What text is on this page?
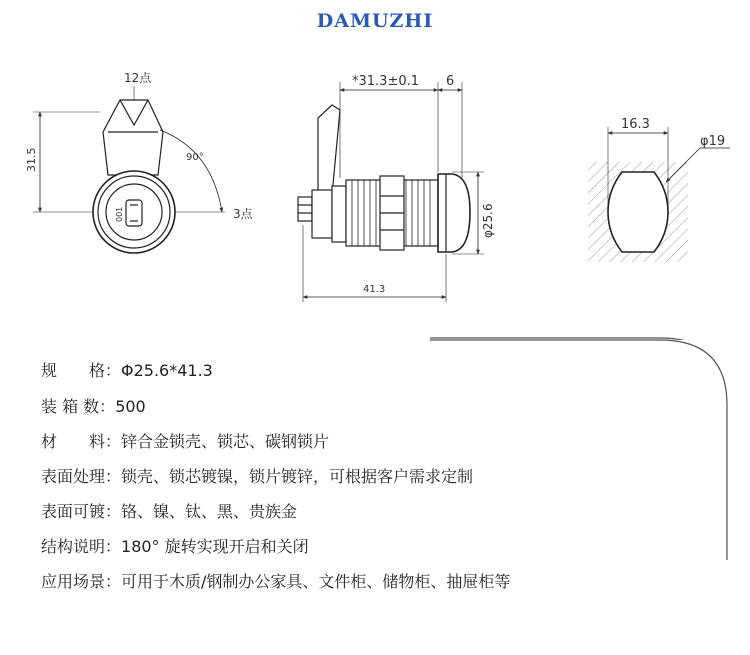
DAMUZHI
12点
3点
31.5	90°
001
*31.3±0.1 6
φ25.6
41.3
16.3
φ19
规　　格：Φ25.6*41.3
装 箱 数：500
材　　料：锌合金锁壳、锁芯、碳钢锁片
表面处理：锁壳、锁芯镀镍，锁片镀锌，可根据客户需求定制
表面可镀：铬、镍、钛、黑、贵族金
结构说明：180° 旋转实现开启和关闭
应用场景：可用于木质/钢制办公家具、文件柜、储物柜、抽屉柜等
